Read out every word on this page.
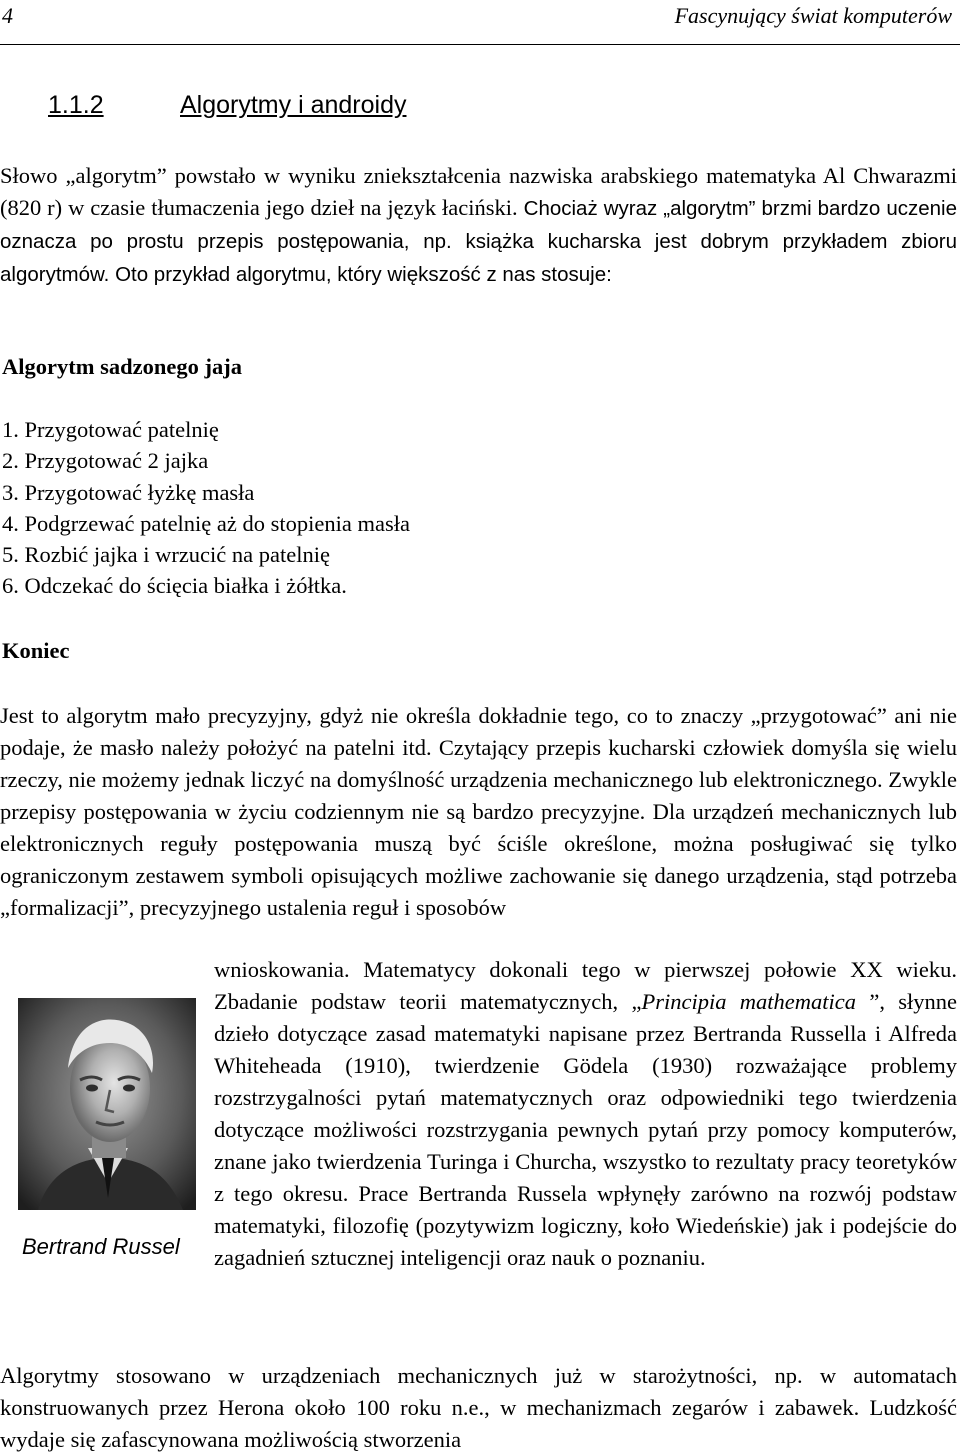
4	Fascynujący świat komputerów
1.1.2	Algorytmy i androidy

Słowo „algorytm” powstało w wyniku zniekształcenia nazwiska arabskiego matematyka Al Chwarazmi (820 r) w czasie tłumaczenia jego dzieł na język łaciński. Chociaż wyraz „algorytm” brzmi bardzo uczenie oznacza po prostu przepis postępowania, np. książka kucharska jest dobrym przykładem zbioru algorytmów. Oto przykład algorytmu, który większość z nas stosuje:

Algorytm sadzonego jaja
1. Przygotować patelnię
2. Przygotować 2 jajka
3. Przygotować łyżkę masła
4. Podgrzewać patelnię aż do stopienia masła
5. Rozbić jajka i wrzucić na patelnię
6. Odczekać do ścięcia białka i żółtka.
Koniec

Jest to algorytm mało precyzyjny, gdyż nie określa dokładnie tego, co to znaczy „przygotować” ani nie podaje, że masło należy położyć na patelni itd. Czytający przepis kucharski człowiek domyśla się wielu rzeczy, nie możemy jednak liczyć na domyślność urządzenia mechanicznego lub elektronicznego. Zwykle przepisy postępowania w życiu codziennym nie są bardzo precyzyjne. Dla urządzeń mechanicznych lub elektronicznych reguły postępowania muszą być ściśle określone, można posługiwać się tylko ograniczonym zestawem symboli opisujących możliwe zachowanie się danego urządzenia, stąd potrzeba „formalizacji”, precyzyjnego ustalenia reguł i sposobów

Bertrand Russel

wnioskowania. Matematycy dokonali tego w pierwszej połowie XX wieku. Zbadanie podstaw teorii matematycznych, „Principia mathematica ”, słynne dzieło dotyczące zasad matematyki napisane przez Bertranda Russella i Alfreda Whiteheada (1910), twierdzenie Gödela (1930) rozważające problemy rozstrzygalności pytań matematycznych oraz odpowiedniki tego twierdzenia dotyczące możliwości rozstrzygania pewnych pytań przy pomocy komputerów, znane jako twierdzenia Turinga i Churcha, wszystko to rezultaty pracy teoretyków z tego okresu. Prace Bertranda Russela wpłynęły zarówno na rozwój podstaw matematyki, filozofię (pozytywizm logiczny, koło Wiedeńskie) jak i podejście do zagadnień sztucznej inteligencji oraz nauk o poznaniu.

Algorytmy stosowano w urządzeniach mechanicznych już w starożytności, np. w automatach konstruowanych przez Herona około 100 roku n.e., w mechanizmach zegarów i zabawek. Ludzkość wydaje się zafascynowana możliwością stworzenia
